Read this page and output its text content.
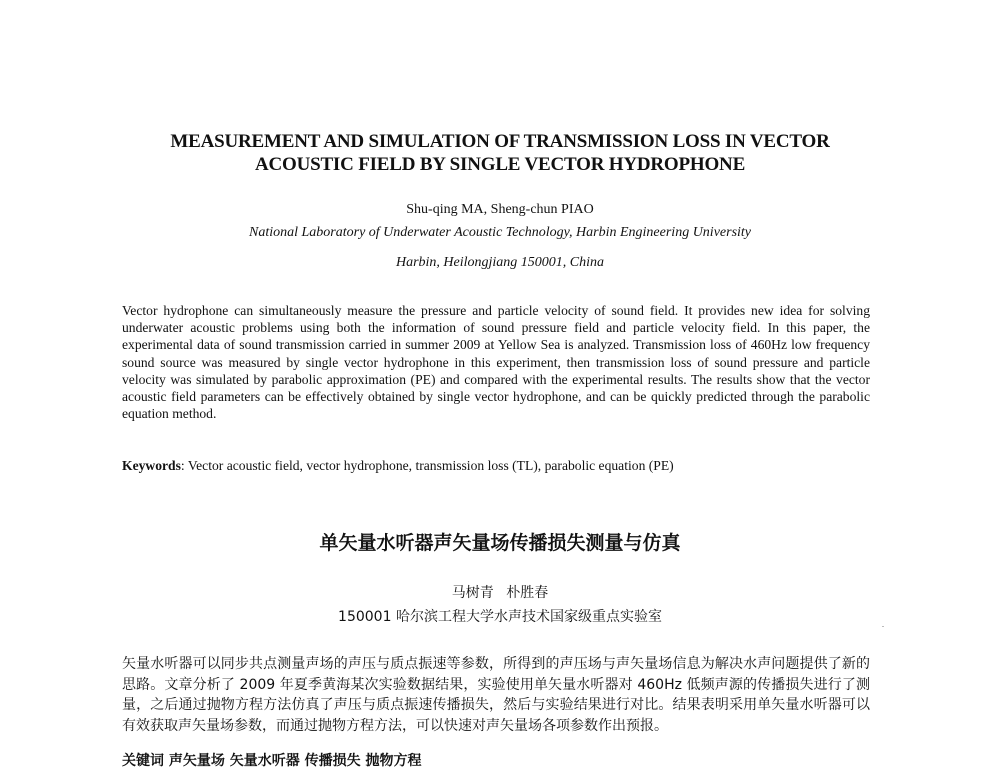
MEASUREMENT AND SIMULATION OF TRANSMISSION LOSS IN VECTOR
ACOUSTIC FIELD BY SINGLE VECTOR HYDROPHONE
Shu-qing MA, Sheng-chun PIAO
National Laboratory of Underwater Acoustic Technology, Harbin Engineering University
Harbin, Heilongjiang 150001, China

Vector hydrophone can simultaneously measure the pressure and particle velocity of sound field. It provides new idea for solving underwater acoustic problems using both the information of sound pressure field and particle velocity field. In this paper, the experimental data of sound transmission carried in summer 2009 at Yellow Sea is analyzed. Transmission loss of 460Hz low frequency sound source was measured by single vector hydrophone in this experiment, then transmission loss of sound pressure and particle velocity was simulated by parabolic approximation (PE) and compared with the experimental results. The results show that the vector acoustic field parameters can be effectively obtained by single vector hydrophone, and can be quickly predicted through the parabolic equation method.

Keywords: Vector acoustic field, vector hydrophone, transmission loss (TL), parabolic equation (PE)

单矢量水听器声矢量场传播损失测量与仿真
马树青 朴胜春
150001 哈尔滨工程大学水声技术国家级重点实验室

矢量水听器可以同步共点测量声场的声压与质点振速等参数，所得到的声压场与声矢量场信息为解决水声问题提供了新的思路。文章分析了 2009 年夏季黄海某次实验数据结果，实验使用单矢量水听器对 460Hz 低频声源的传播损失进行了测量，之后通过抛物方程方法仿真了声压与质点振速传播损失，然后与实验结果进行对比。结果表明采用单矢量水听器可以有效获取声矢量场参数，而通过抛物方程方法，可以快速对声矢量场各项参数作出预报。

关键词 声矢量场 矢量水听器 传播损失 抛物方程
